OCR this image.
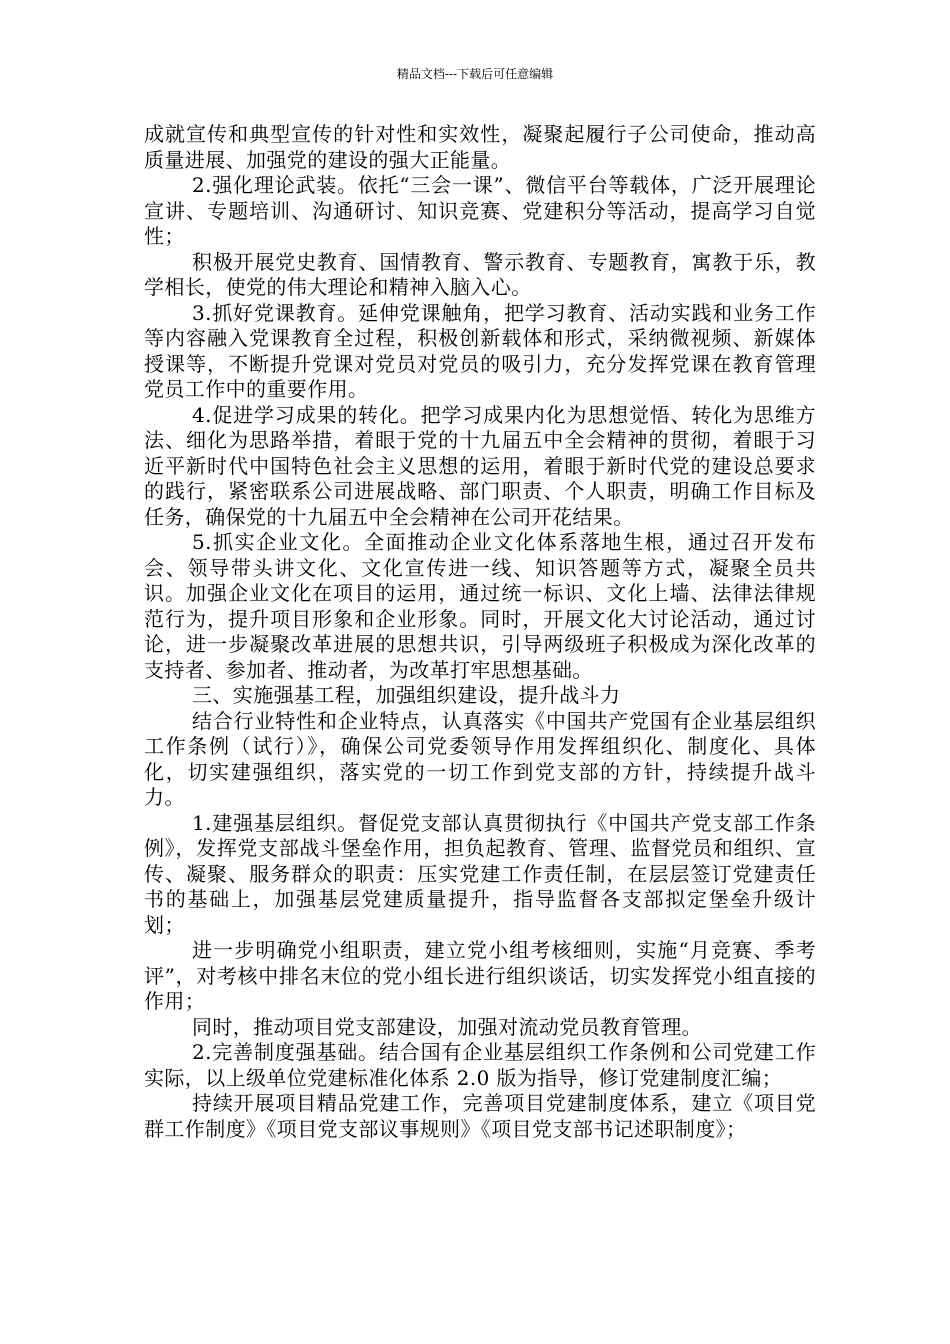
精品文档---下载后可任意编辑

成就宣传和典型宣传的针对性和实效性，凝聚起履行子公司使命，推动高质量进展、加强党的建设的强大正能量。

2.强化理论武装。依托“三会一课”、微信平台等载体，广泛开展理论宣讲、专题培训、沟通研讨、知识竞赛、党建积分等活动，提高学习自觉性；

积极开展党史教育、国情教育、警示教育、专题教育，寓教于乐，教学相长，使党的伟大理论和精神入脑入心。

3.抓好党课教育。延伸党课触角，把学习教育、活动实践和业务工作等内容融入党课教育全过程，积极创新载体和形式，采纳微视频、新媒体授课等，不断提升党课对党员对党员的吸引力，充分发挥党课在教育管理党员工作中的重要作用。

4.促进学习成果的转化。把学习成果内化为思想觉悟、转化为思维方法、细化为思路举措，着眼于党的十九届五中全会精神的贯彻，着眼于习近平新时代中国特色社会主义思想的运用，着眼于新时代党的建设总要求的践行，紧密联系公司进展战略、部门职责、个人职责，明确工作目标及任务，确保党的十九届五中全会精神在公司开花结果。

5.抓实企业文化。全面推动企业文化体系落地生根，通过召开发布会、领导带头讲文化、文化宣传进一线、知识答题等方式，凝聚全员共识。加强企业文化在项目的运用，通过统一标识、文化上墙、法律法律规范行为，提升项目形象和企业形象。同时，开展文化大讨论活动，通过讨论，进一步凝聚改革进展的思想共识，引导两级班子积极成为深化改革的支持者、参加者、推动者，为改革打牢思想基础。

三、实施强基工程，加强组织建设，提升战斗力

结合行业特性和企业特点，认真落实《中国共产党国有企业基层组织工作条例（试行）》，确保公司党委领导作用发挥组织化、制度化、具体化，切实建强组织，落实党的一切工作到党支部的方针，持续提升战斗力。

1.建强基层组织。督促党支部认真贯彻执行《中国共产党支部工作条例》，发挥党支部战斗堡垒作用，担负起教育、管理、监督党员和组织、宣传、凝聚、服务群众的职责：压实党建工作责任制，在层层签订党建责任书的基础上，加强基层党建质量提升，指导监督各支部拟定堡垒升级计划；

进一步明确党小组职责，建立党小组考核细则，实施“月竞赛、季考评”，对考核中排名末位的党小组长进行组织谈话，切实发挥党小组直接的作用；

同时，推动项目党支部建设，加强对流动党员教育管理。

2.完善制度强基础。结合国有企业基层组织工作条例和公司党建工作实际，以上级单位党建标准化体系 2.0 版为指导，修订党建制度汇编；

持续开展项目精品党建工作，完善项目党建制度体系，建立《项目党群工作制度》《项目党支部议事规则》《项目党支部书记述职制度》；
